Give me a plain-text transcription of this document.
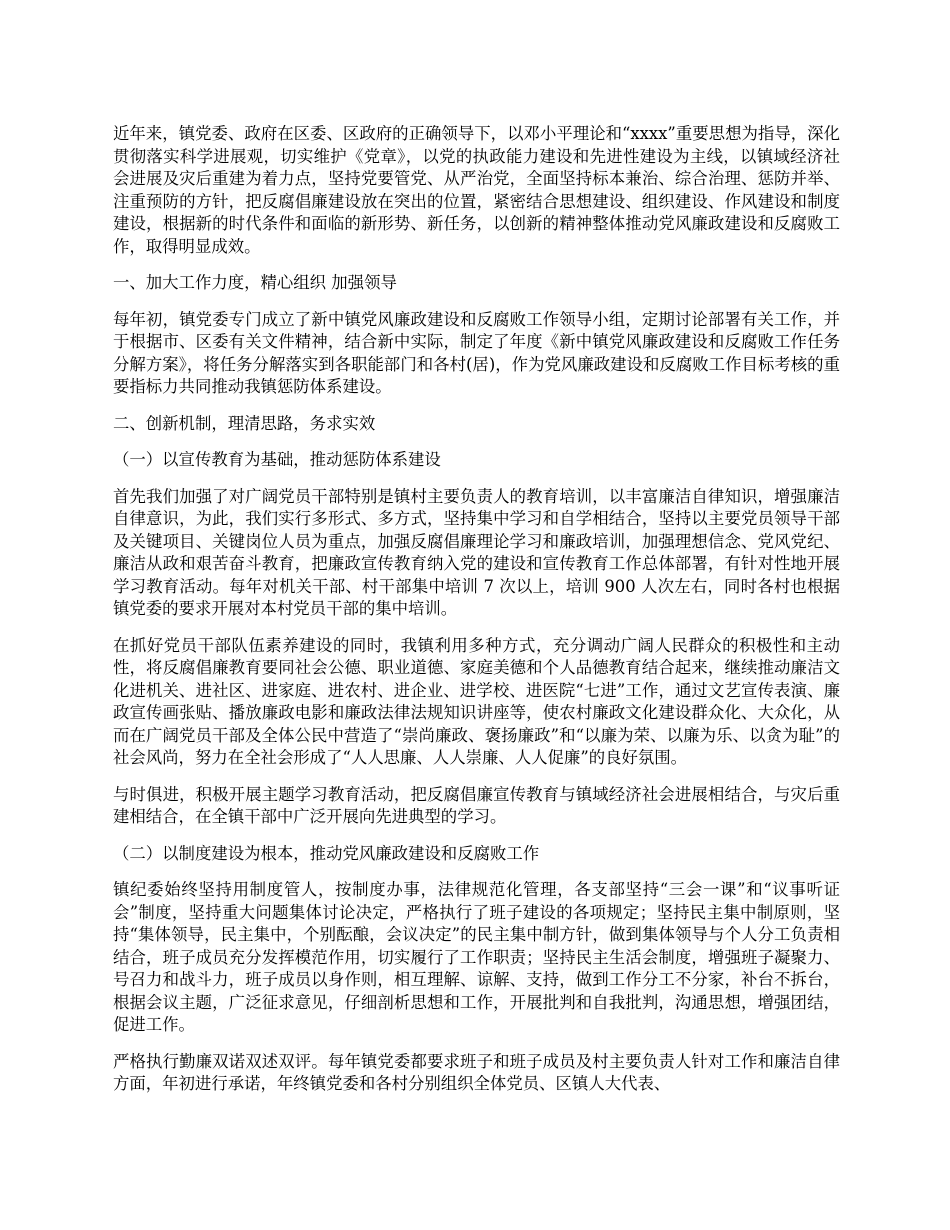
近年来，镇党委、政府在区委、区政府的正确领导下，以邓小平理论和“xxxx”重要思想为指导，深化贯彻落实科学进展观，切实维护《党章》，以党的执政能力建设和先进性建设为主线，以镇域经济社会进展及灾后重建为着力点，坚持党要管党、从严治党，全面坚持标本兼治、综合治理、惩防并举、注重预防的方针，把反腐倡廉建设放在突出的位置，紧密结合思想建设、组织建设、作风建设和制度建设，根据新的时代条件和面临的新形势、新任务，以创新的精神整体推动党风廉政建设和反腐败工作，取得明显成效。

一、加大工作力度，精心组织 加强领导

每年初，镇党委专门成立了新中镇党风廉政建设和反腐败工作领导小组，定期讨论部署有关工作，并于根据市、区委有关文件精神，结合新中实际，制定了年度《新中镇党风廉政建设和反腐败工作任务分解方案》，将任务分解落实到各职能部门和各村(居)，作为党风廉政建设和反腐败工作目标考核的重要指标力共同推动我镇惩防体系建设。

二、创新机制，理清思路，务求实效

（一）以宣传教育为基础，推动惩防体系建设

首先我们加强了对广阔党员干部特别是镇村主要负责人的教育培训，以丰富廉洁自律知识，增强廉洁自律意识，为此，我们实行多形式、多方式，坚持集中学习和自学相结合，坚持以主要党员领导干部及关键项目、关键岗位人员为重点，加强反腐倡廉理论学习和廉政培训，加强理想信念、党风党纪、廉洁从政和艰苦奋斗教育，把廉政宣传教育纳入党的建设和宣传教育工作总体部署，有针对性地开展学习教育活动。每年对机关干部、村干部集中培训 7 次以上，培训 900 人次左右，同时各村也根据镇党委的要求开展对本村党员干部的集中培训。

在抓好党员干部队伍素养建设的同时，我镇利用多种方式，充分调动广阔人民群众的积极性和主动性，将反腐倡廉教育要同社会公德、职业道德、家庭美德和个人品德教育结合起来，继续推动廉洁文化进机关、进社区、进家庭、进农村、进企业、进学校、进医院“七进”工作，通过文艺宣传表演、廉政宣传画张贴、播放廉政电影和廉政法律法规知识讲座等，使农村廉政文化建设群众化、大众化，从而在广阔党员干部及全体公民中营造了“崇尚廉政、褒扬廉政”和“以廉为荣、以廉为乐、以贪为耻”的社会风尚，努力在全社会形成了“人人思廉、人人崇廉、人人促廉”的良好氛围。

与时俱进，积极开展主题学习教育活动，把反腐倡廉宣传教育与镇域经济社会进展相结合，与灾后重建相结合，在全镇干部中广泛开展向先进典型的学习。

（二）以制度建设为根本，推动党风廉政建设和反腐败工作

镇纪委始终坚持用制度管人，按制度办事，法律规范化管理，各支部坚持“三会一课”和“议事听证会”制度，坚持重大问题集体讨论决定，严格执行了班子建设的各项规定；坚持民主集中制原则，坚持“集体领导，民主集中，个别酝酿，会议决定”的民主集中制方针，做到集体领导与个人分工负责相结合，班子成员充分发挥模范作用，切实履行了工作职责；坚持民主生活会制度，增强班子凝聚力、号召力和战斗力，班子成员以身作则，相互理解、谅解、支持，做到工作分工不分家，补台不拆台，根据会议主题，广泛征求意见，仔细剖析思想和工作，开展批判和自我批判，沟通思想，增强团结，促进工作。

严格执行勤廉双诺双述双评。每年镇党委都要求班子和班子成员及村主要负责人针对工作和廉洁自律方面，年初进行承诺，年终镇党委和各村分别组织全体党员、区镇人大代表、
